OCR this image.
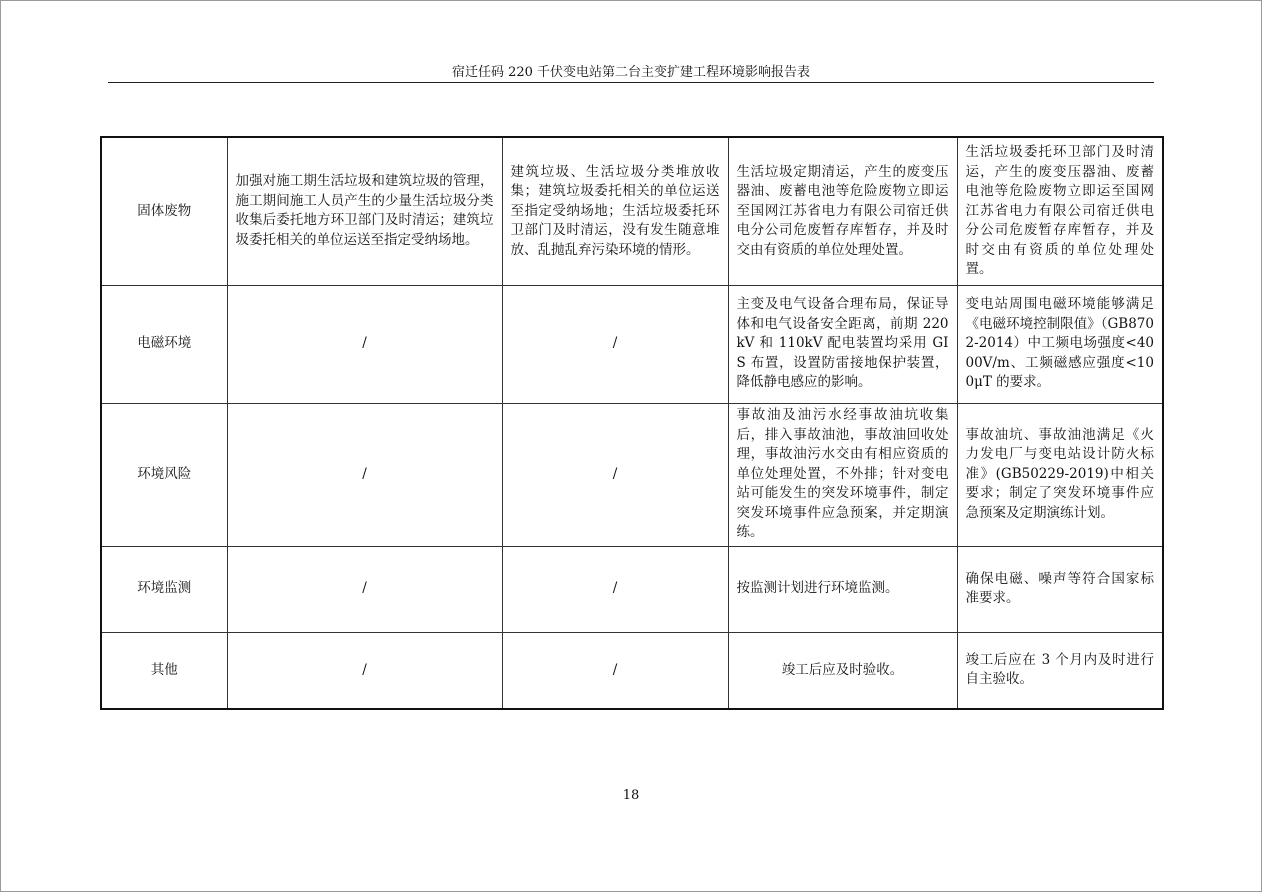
宿迁任码 220 千伏变电站第二台主变扩建工程环境影响报告表
固体废物	加强对施工期生活垃圾和建筑垃圾的管理，施工期间施工人员产生的少量生活垃圾分类收集后委托地方环卫部门及时清运；建筑垃圾委托相关的单位运送至指定受纳场地。	建筑垃圾、生活垃圾分类堆放收集；建筑垃圾委托相关的单位运送至指定受纳场地；生活垃圾委托环卫部门及时清运，没有发生随意堆放、乱抛乱弃污染环境的情形。	生活垃圾定期清运，产生的废变压器油、废蓄电池等危险废物立即运至国网江苏省电力有限公司宿迁供电分公司危废暂存库暂存，并及时交由有资质的单位处理处置。	生活垃圾委托环卫部门及时清运，产生的废变压器油、废蓄电池等危险废物立即运至国网江苏省电力有限公司宿迁供电分公司危废暂存库暂存，并及时交由有资质的单位处理处置。
电磁环境	/	/	主变及电气设备合理布局，保证导体和电气设备安全距离，前期 220kV 和 110kV 配电装置均采用 GIS 布置，设置防雷接地保护装置，降低静电感应的影响。	变电站周围电磁环境能够满足《电磁环境控制限值》（GB8702-2014）中工频电场强度<4000V/m、工频磁感应强度<100μT 的要求。
环境风险	/	/	事故油及油污水经事故油坑收集后，排入事故油池，事故油回收处理，事故油污水交由有相应资质的单位处理处置，不外排；针对变电站可能发生的突发环境事件，制定突发环境事件应急预案，并定期演练。	事故油坑、事故油池满足《火力发电厂与变电站设计防火标准》(GB50229-2019)中相关要求；制定了突发环境事件应急预案及定期演练计划。
环境监测	/	/	按监测计划进行环境监测。	确保电磁、噪声等符合国家标准要求。
其他	/	/	竣工后应及时验收。	竣工后应在 3 个月内及时进行自主验收。
18
